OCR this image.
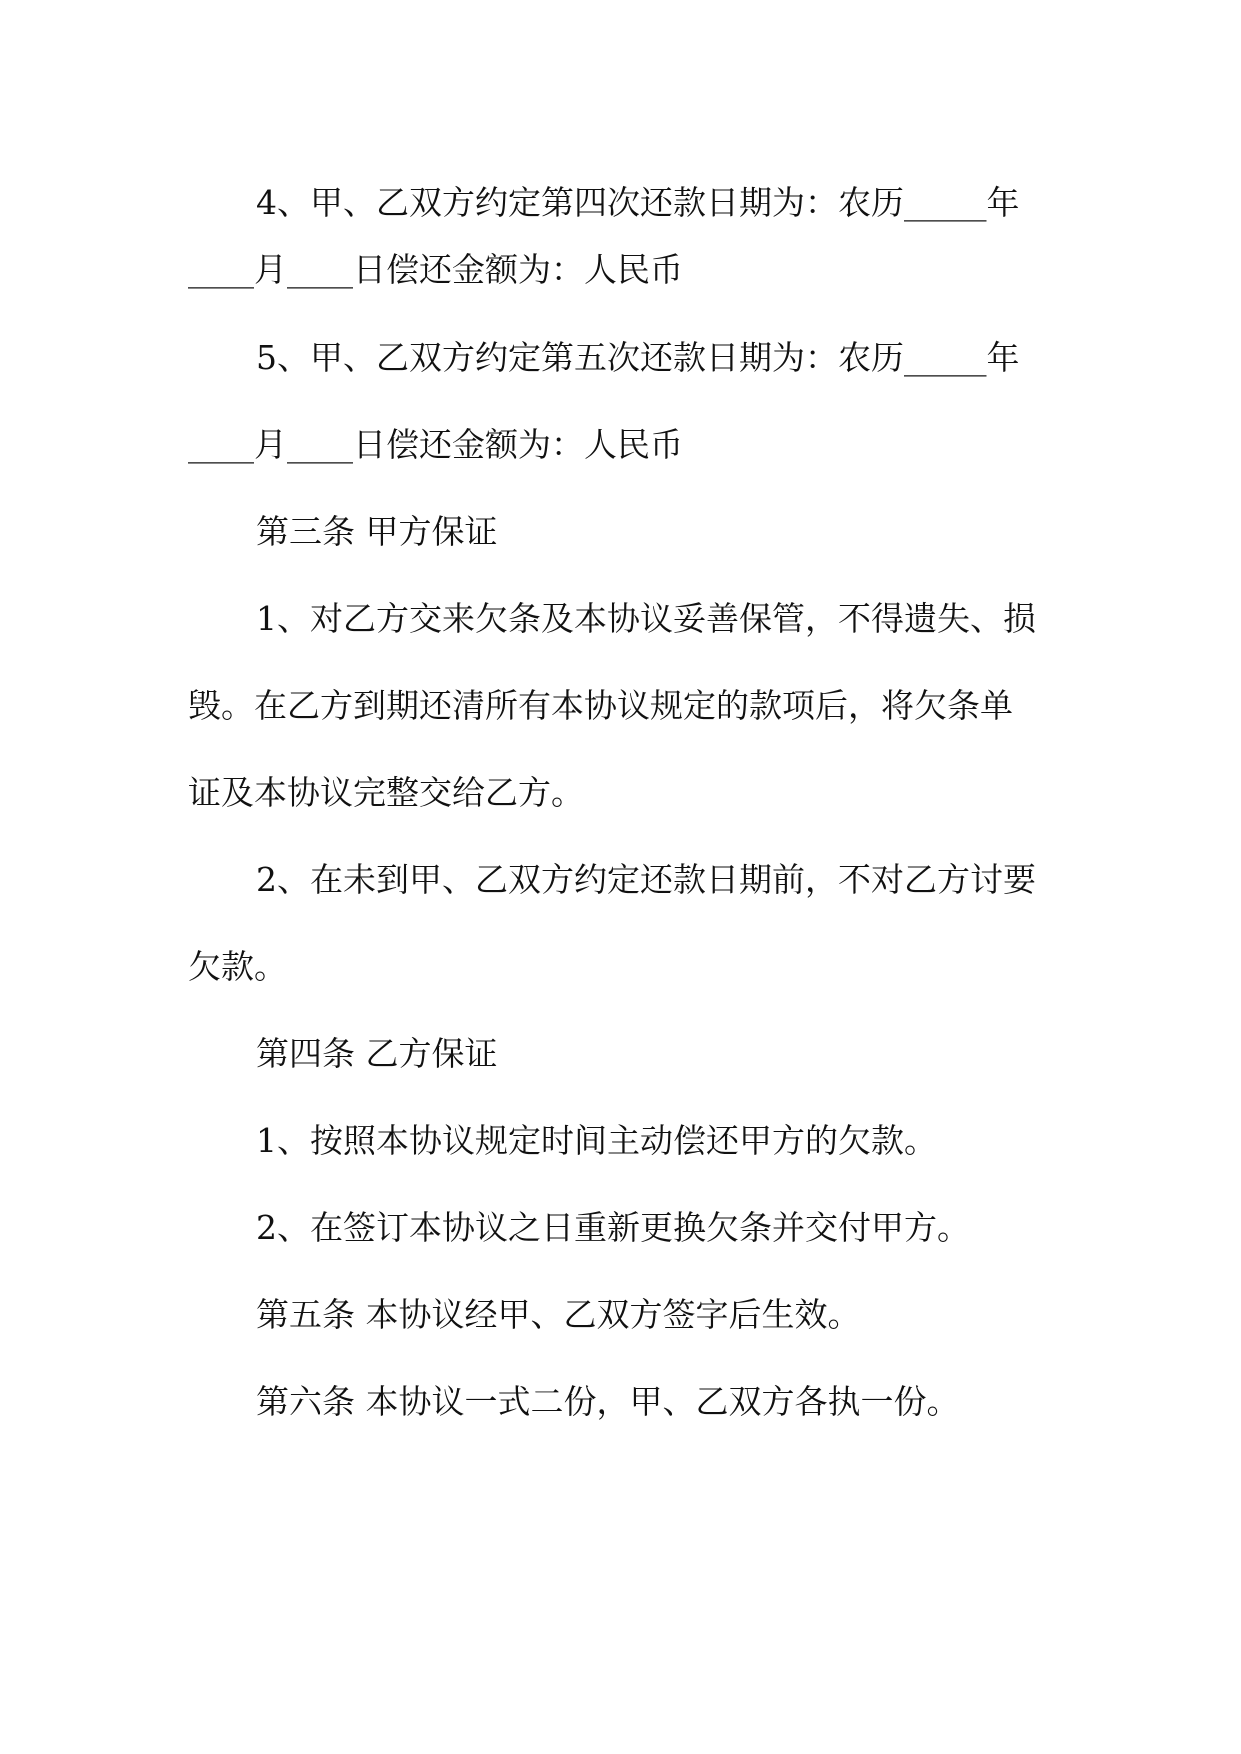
4、甲、乙双方约定第四次还款日期为：农历_____年

____月____日偿还金额为：人民币

5、甲、乙双方约定第五次还款日期为：农历_____年

____月____日偿还金额为：人民币

第三条 甲方保证

1、对乙方交来欠条及本协议妥善保管，不得遗失、损

毁。在乙方到期还清所有本协议规定的款项后，将欠条单

证及本协议完整交给乙方。

2、在未到甲、乙双方约定还款日期前，不对乙方讨要

欠款。

第四条 乙方保证

1、按照本协议规定时间主动偿还甲方的欠款。

2、在签订本协议之日重新更换欠条并交付甲方。

第五条 本协议经甲、乙双方签字后生效。

第六条 本协议一式二份，甲、乙双方各执一份。
